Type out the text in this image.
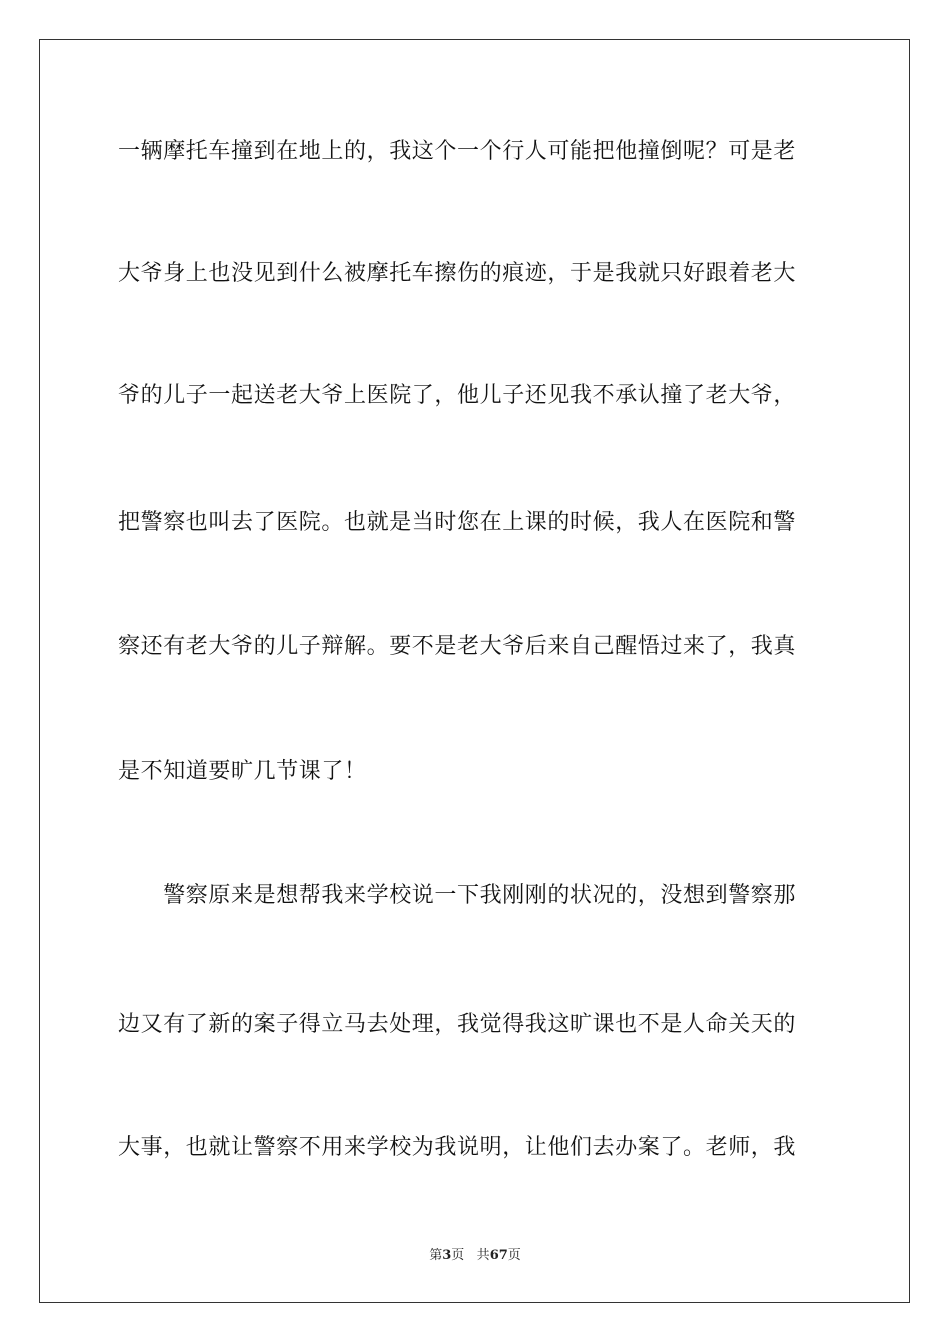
一辆摩托车撞到在地上的，我这个一个行人可能把他撞倒呢？可是老
大爷身上也没见到什么被摩托车擦伤的痕迹，于是我就只好跟着老大
爷的儿子一起送老大爷上医院了，他儿子还见我不承认撞了老大爷，
把警察也叫去了医院。也就是当时您在上课的时候，我人在医院和警
察还有老大爷的儿子辩解。要不是老大爷后来自己醒悟过来了，我真
是不知道要旷几节课了！
　　警察原来是想帮我来学校说一下我刚刚的状况的，没想到警察那
边又有了新的案子得立马去处理，我觉得我这旷课也不是人命关天的
大事，也就让警察不用来学校为我说明，让他们去办案了。老师，我
第3页 共67页
